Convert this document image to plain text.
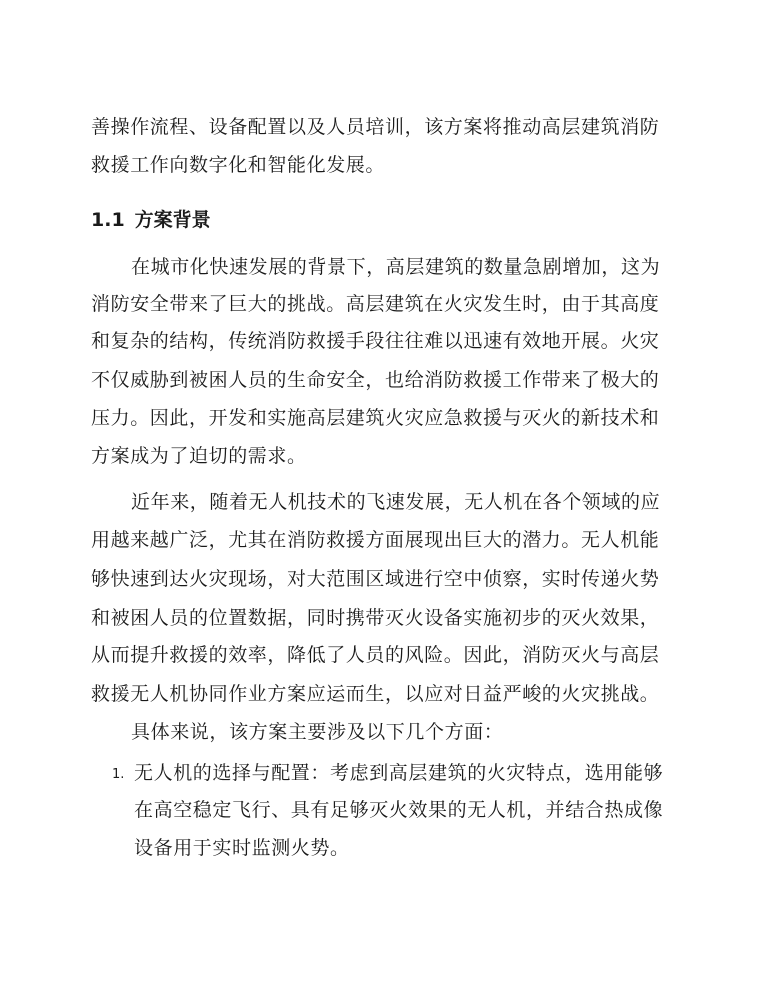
善操作流程、设备配置以及人员培训，该方案将推动高层建筑消防
救援工作向数字化和智能化发展。
1.1 方案背景
在城市化快速发展的背景下，高层建筑的数量急剧增加，这为
消防安全带来了巨大的挑战。高层建筑在火灾发生时，由于其高度
和复杂的结构，传统消防救援手段往往难以迅速有效地开展。火灾
不仅威胁到被困人员的生命安全，也给消防救援工作带来了极大的
压力。因此，开发和实施高层建筑火灾应急救援与灭火的新技术和
方案成为了迫切的需求。
近年来，随着无人机技术的飞速发展，无人机在各个领域的应
用越来越广泛，尤其在消防救援方面展现出巨大的潜力。无人机能
够快速到达火灾现场，对大范围区域进行空中侦察，实时传递火势
和被困人员的位置数据，同时携带灭火设备实施初步的灭火效果，
从而提升救援的效率，降低了人员的风险。因此，消防灭火与高层
救援无人机协同作业方案应运而生，以应对日益严峻的火灾挑战。
具体来说，该方案主要涉及以下几个方面：
1. 无人机的选择与配置：考虑到高层建筑的火灾特点，选用能够
在高空稳定飞行、具有足够灭火效果的无人机，并结合热成像
设备用于实时监测火势。
